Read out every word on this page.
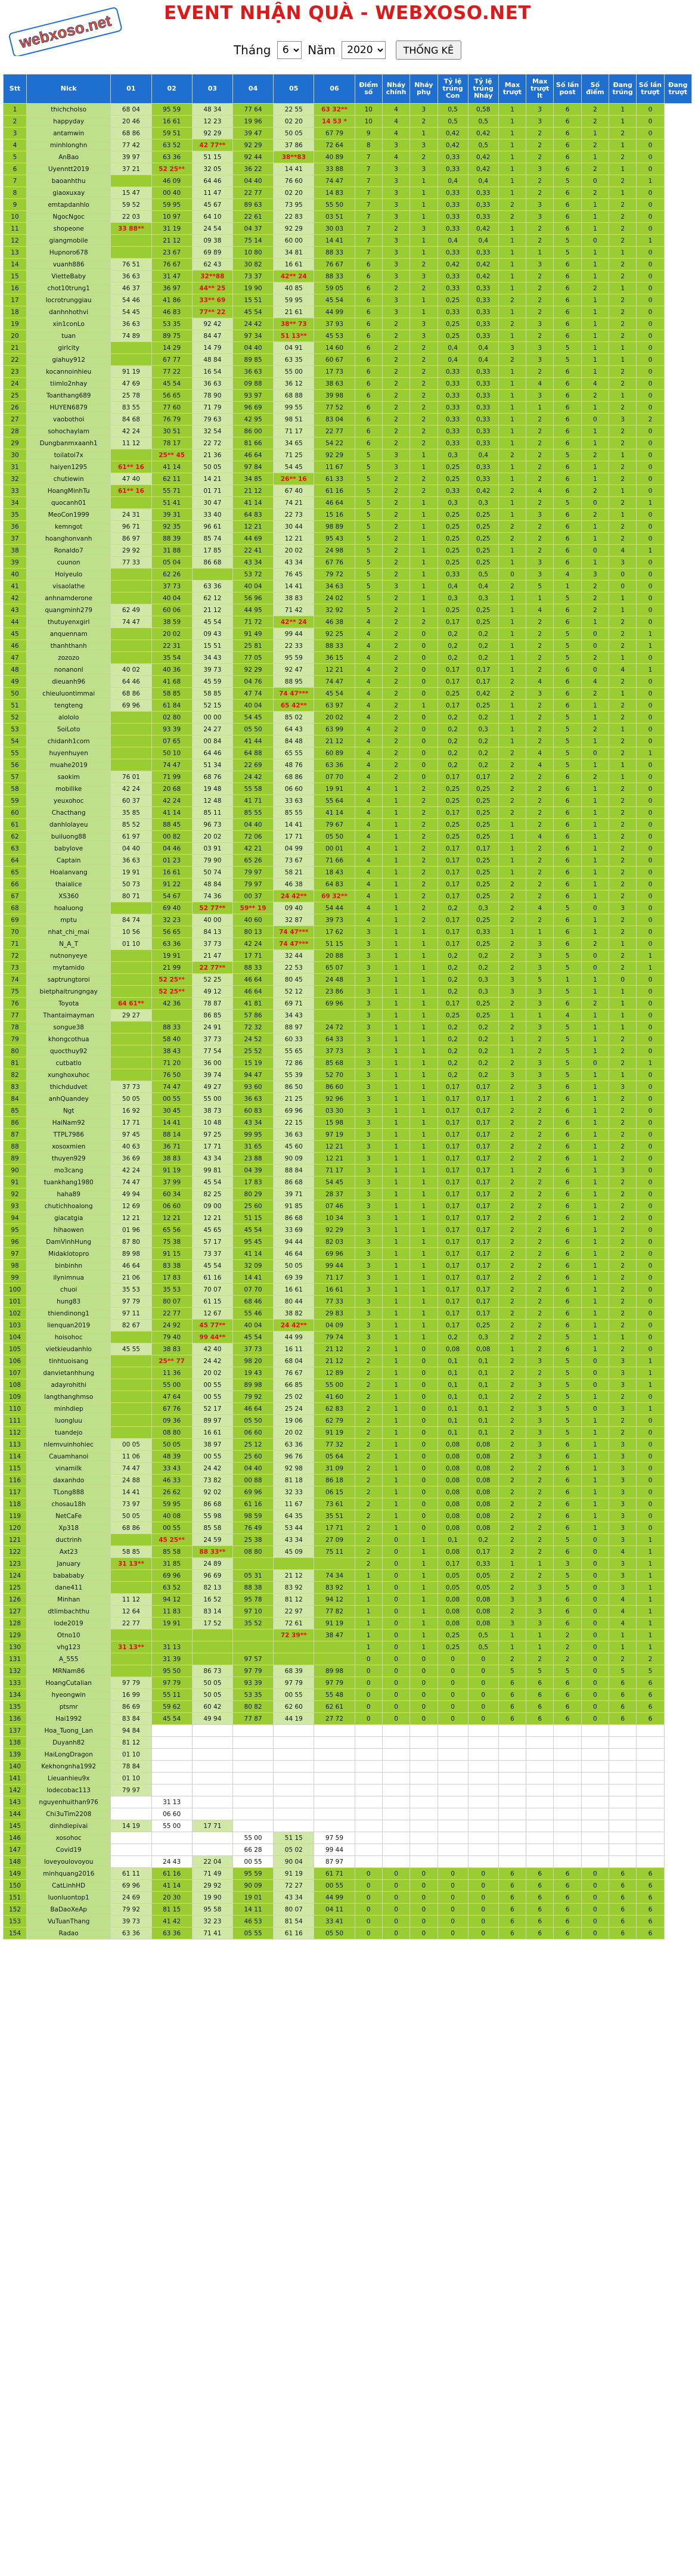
webxoso.net	EVENT NHẬN QUÀ - WEBXOSO.NET
Tháng
6	Năm
2020	THỐNG KÊ
Stt	Nick	01	02	03	04	05	06	Điểm số	Nháy chính	Nháy phụ	Tỷ lệ trúng Con	Tỷ lệ trúng Nháy	Max trượt	Max trượt lt	Số lần post	Số điểm	Đang trúng	Số lần trượt	Đang trượt
1	thichcholso	68 04	95 59	48 34	77 64	22 55	63 32**	10	4	3	0,5	0,58	1	3	6	2	1	0	
2	happyday	20 46	16 61	12 23	19 96	02 20	14 53 *	10	4	2	0,5	0,5	1	3	6	2	1	0	
3	antamwin	68 86	59 51	92 29	39 47	50 05	67 79	9	4	1	0,42	0,42	1	2	6	1	2	0	
4	minhlonghn	77 42	63 52	42 77**	92 29	37 86	72 64	8	3	3	0,42	0,5	1	2	6	2	1	0	
5	AnBao	39 97	63 36	51 15	92 44	38**83	40 89	7	4	2	0,33	0,42	1	2	6	1	2	0	
6	Uyenntt2019	37 21	52 25**	32 05	36 22	14 41	33 88	7	3	3	0,33	0,42	1	3	6	2	1	0	
7	baoanhthu		46 09	64 46	04 40	76 60	74 47	7	3	1	0,4	0,4	1	2	5	0	2	1	
8	giaoxuxay	15 47	00 40	11 47	22 77	02 20	14 83	7	3	1	0,33	0,33	1	2	6	2	1	0	
9	emtapdanhlo	59 52	59 95	45 67	89 63	73 95	55 50	7	3	1	0,33	0,33	2	3	6	1	2	0	
10	NgocNgoc	22 03	10 97	64 10	22 61	22 83	03 51	7	3	1	0,33	0,33	2	3	6	1	2	0	
11	shopeone	33 88**	31 19	24 54	04 37	92 29	30 03	7	2	3	0,33	0,42	1	2	6	1	2	0	
12	giangmobile		21 12	09 38	75 14	60 00	14 41	7	3	1	0,4	0,4	1	2	5	0	2	1	
13	Hupnoro678		23 67	69 89	10 80	34 81	88 33	7	3	1	0,33	0,33	1	1	5	1	1	0	
14	vuanh886	76 51	76 67	62 43	30 82	16 61	76 67	6	3	2	0,42	0,42	1	3	6	1	2	0	
15	VietteBaby	36 63	31 47	32**88	73 37	42** 24	88 33	6	3	3	0,33	0,42	1	2	6	1	2	0	
16	chot10trung1	46 37	36 97	44** 25	19 90	40 85	59 05	6	2	2	0,33	0,33	1	2	6	2	1	0	
17	locrotrunggiau	54 46	41 86	33** 69	15 51	59 95	45 54	6	3	1	0,25	0,33	2	2	6	1	2	0	
18	danhnhothvi	54 45	46 83	77** 22	45 54	21 61	44 99	6	3	1	0,33	0,33	1	2	6	1	2	0	
19	xin1conLo	36 63	53 35	92 42	24 42	38** 73	37 93	6	2	3	0,25	0,33	2	3	6	1	2	0	
20	tuan	74 89	89 75	84 47	97 34	51 13**	45 53	6	2	3	0,25	0,33	1	2	6	1	2	0	
21	girlcity		14 29	14 79	04 40	04 91	14 60	6	2	2	0,4	0,4	3	3	5	1	1	0	
22	giahuy912		67 77	48 84	89 85	63 35	60 67	6	2	2	0,4	0,4	2	3	5	1	1	0	
23	kocannoinhieu	91 19	77 22	16 54	36 63	55 00	17 73	6	2	2	0,33	0,33	1	2	6	1	2	0	
24	tiimlo2nhay	47 69	45 54	36 63	09 88	36 12	38 63	6	2	2	0,33	0,33	1	4	6	4	2	0	
25	Toanthang689	25 78	56 65	78 90	93 97	68 88	39 98	6	2	2	0,33	0,33	1	3	6	2	1	0	
26	HUYEN6879	83 55	77 60	71 79	96 69	99 55	77 52	6	2	2	0,33	0,33	1	1	6	1	2	0	
27	vaobothoi	84 68	76 79	79 63	42 95	98 51	83 04	6	2	2	0,33	0,33	1	2	6	0	3	2	
28	sohochaylam	42 24	30 51	32 54	86 00	71 17	22 77	6	2	2	0,33	0,33	1	2	6	1	2	0	
29	Dungbanmxaanh1	11 12	78 17	22 72	81 66	34 65	54 22	6	2	2	0,33	0,33	1	2	6	1	2	0	
30	toilatoi7x		25** 45	21 36	46 64	71 25	92 29	5	3	1	0,3	0,4	2	2	5	2	1	0	
31	haiyen1295	61** 16	41 14	50 05	97 84	54 45	11 67	5	3	1	0,25	0,33	1	2	6	1	2	0	
32	chutiewin	47 40	62 11	14 21	34 85	26** 16	61 33	5	2	2	0,25	0,33	1	2	6	1	2	0	
33	HoangMinhTu	61** 16	55 71	01 71	21 12	67 40	61 16	5	2	2	0,33	0,42	2	4	6	2	1	0	
34	quocanh01		51 41	30 47	41 14	74 21	46 64	5	2	1	0,3	0,3	1	2	5	0	2	1	
35	MeoCon1999	24 31	39 31	33 40	64 83	22 73	15 16	5	2	1	0,25	0,25	1	3	6	2	1	0	
36	kemngot	96 71	92 35	96 61	12 21	30 44	98 89	5	2	1	0,25	0,25	2	2	6	1	2	0	
37	hoanghonvanh	86 97	88 39	85 74	44 69	12 21	95 43	5	2	1	0,25	0,25	2	2	6	1	2	0	
38	Ronaldo7	29 92	31 88	17 85	22 41	20 02	24 98	5	2	1	0,25	0,25	1	2	6	0	4	1	
39	cuunon	77 33	05 04	86 68	43 34	43 34	67 76	5	2	1	0,25	0,25	1	3	6	1	3	0	
40	Hoiyeulo		62 26		53 72	76 45	79 72	5	2	1	0,33	0,5	0	3	4	3	0	0	
41	visaolathe		37 73	63 36	40 04	14 41	34 63	5	3	1	0,4	0,4	2	5	1	2	0	0	
42	anhnamderone		40 04	62 12	56 96	38 83	24 02	5	2	1	0,3	0,3	1	1	5	2	1	0	
43	quangminh279	62 49	60 06	21 12	44 95	71 42	32 92	5	2	1	0,25	0,25	1	4	6	2	1	0	
44	thutuyenxgirl	74 47	38 59	45 54	71 72	42** 24	46 38	4	2	2	0,17	0,25	1	2	6	1	2	0	
45	anquennam		20 02	09 43	91 49	99 44	92 25	4	2	0	0,2	0,2	1	2	5	0	2	1	
46	thanhthanh		22 31	15 51	25 81	22 33	88 33	4	2	0	0,2	0,2	1	2	5	0	2	1	
47	zozozo		35 54	34 43	77 05	95 59	36 15	4	2	0	0,2	0,2	1	2	5	2	1	0	
48	nonanonl	40 02	40 36	39 73	92 29	92 47	12 21	4	2	0	0,17	0,17	1	2	6	0	4	1	
49	dieuanh96	64 46	41 68	45 59	04 76	88 95	74 47	4	2	0	0,17	0,17	2	4	6	4	2	0	
50	chieuluontimmai	68 86	58 85	58 85	47 74	74 47***	45 54	4	2	0	0,25	0,42	2	3	6	2	1	0	
51	tengteng	69 96	61 84	52 15	40 04	65 42**	63 97	4	2	1	0,17	0,25	1	2	6	1	2	0	
52	alololo		02 80	00 00	54 45	85 02	20 02	4	2	0	0,2	0,2	1	2	5	1	2	0	
53	SoiLoto		93 39	24 27	05 50	64 43	63 99	4	2	0	0,2	0,3	1	2	5	2	1	0	
54	chidanh1com		07 65	00 84	41 44	84 48	21 12	4	2	0	0,2	0,2	1	2	5	1	2	0	
55	huyenhuyen		50 10	64 46	64 88	65 55	60 89	4	2	0	0,2	0,2	2	4	5	0	2	1	
56	muahe2019		74 47	51 34	22 69	48 76	63 36	4	2	0	0,2	0,2	2	4	5	1	1	0	
57	saokim	76 01	71 99	68 76	24 42	68 86	07 70	4	2	0	0,17	0,17	2	2	6	2	1	0	
58	mobilike	42 24	20 68	19 48	55 58	06 60	19 91	4	1	2	0,25	0,25	2	2	6	1	2	0	
59	yeuxohoc	60 37	42 24	12 48	41 71	33 63	55 64	4	1	2	0,25	0,25	2	2	6	1	2	0	
60	Chacthang	35 85	41 14	85 11	85 55	85 55	41 14	4	1	2	0,17	0,25	2	2	6	1	2	0	
61	danhlolayeu	85 52	88 45	96 73	04 40	14 41	79 67	4	1	2	0,25	0,25	1	2	6	1	2	0	
62	builuong88	61 97	00 82	20 02	72 06	17 71	05 50	4	1	2	0,25	0,25	1	4	6	1	2	0	
63	babylove	04 40	04 46	03 91	42 21	04 99	00 01	4	1	2	0,17	0,17	1	2	6	1	2	0	
64	Captain	36 63	01 23	79 90	65 26	73 67	71 66	4	1	2	0,17	0,25	1	2	6	1	2	0	
65	Hoalanvang	19 91	16 61	50 74	79 97	58 21	18 43	4	1	2	0,17	0,25	1	2	6	1	2	0	
66	thaialice	50 73	91 22	48 84	79 97	46 38	64 83	4	1	2	0,17	0,25	2	2	6	1	2	0	
67	XS360	80 71	54 67	74 36	00 37	24 42**	69 32**	4	1	2	0,17	0,25	2	2	6	1	2	0	
68	hoaluong		69 40	52 77**	59** 19	09 40	54 44	4	1	2	0,2	0,3	2	4	5	0	3	0	
69	mptu	84 74	32 23	40 00	40 60	32 87	39 73	4	1	2	0,17	0,25	2	2	6	1	2	0	
70	nhat_chi_mai	10 56	56 65	84 13	80 13	74 47***	17 62	3	1	1	0,17	0,33	1	1	6	1	2	0	
71	N_A_T	01 10	63 36	37 73	42 24	74 47***	51 15	3	1	1	0,17	0,25	2	3	6	2	1	0	
72	nutnonyeye		19 91	21 47	17 71	32 44	20 88	3	1	1	0,2	0,2	2	3	5	0	2	1	
73	mytamido		21 99	22 77**	88 33	22 53	65 07	3	1	1	0,2	0,2	2	3	5	0	2	1	
74	saptrungtoroi		52 25**	52 25	46 64	80 45	24 48	3	1	1	0,2	0,3	3	5	1	1	0	0	
75	bietphaitrungngay		52 25**	49 12	46 64	52 12	23 86	3	1	1	0,2	0,3	3	3	5	1	1	0	
76	Toyota	64 61**	42 36	78 87	41 81	69 71	69 96	3	1	1	0,17	0,25	2	3	6	2	1	0	
77	Thantaimayman	29 27		86 85	57 86	34 43		3	1	1	0,25	0,25	1	1	4	1	1	0	
78	songue38		88 33	24 91	72 32	88 97	24 72	3	1	1	0,2	0,2	2	3	5	1	1	0	
79	khongcothua		58 40	37 73	24 52	60 33	64 33	3	1	1	0,2	0,2	1	2	5	1	2	0	
80	quocthuy92		38 43	77 54	25 52	55 65	37 73	3	1	1	0,2	0,2	1	2	5	1	2	0	
81	cutbatlo		71 20	36 00	15 19	72 86	85 68	3	1	1	0,2	0,2	2	3	5	0	2	1	
82	xunghoxuhoc		76 50	39 74	94 47	55 39	52 70	3	1	1	0,2	0,2	3	3	5	1	1	0	
83	thichdudvet	37 73	74 47	49 27	93 60	86 50	86 60	3	1	1	0,17	0,17	2	3	6	1	3	0	
84	anhQuandey	50 05	00 55	55 00	36 63	21 25	92 96	3	1	1	0,17	0,17	1	2	6	1	2	0	
85	Ngt	16 92	30 45	38 73	60 83	69 96	03 30	3	1	1	0,17	0,17	2	2	6	1	2	0	
86	HaiNam92	17 71	14 41	10 48	43 34	22 15	15 98	3	1	1	0,17	0,17	2	2	6	1	2	0	
87	TTPL7986	97 45	88 14	97 25	99 95	36 63	97 19	3	1	1	0,17	0,17	2	2	6	1	2	0	
88	xosoxmien	40 63	36 71	17 71	31 65	45 60	12 21	3	1	1	0,17	0,17	2	2	6	1	2	0	
89	thuyen929	36 69	38 83	43 34	23 88	90 09	12 21	3	1	1	0,17	0,17	2	2	6	1	2	0	
90	mo3cang	42 24	91 19	99 81	04 39	88 84	71 17	3	1	1	0,17	0,17	1	2	6	1	3	0	
91	tuankhang1980	74 47	37 99	45 54	17 83	86 68	54 45	3	1	1	0,17	0,17	2	2	6	1	2	0	
92	haha89	49 94	60 34	82 25	80 29	39 71	28 37	3	1	1	0,17	0,17	2	2	6	1	2	0	
93	chutichhoalong	12 69	06 60	09 00	25 60	91 85	07 46	3	1	1	0,17	0,17	2	2	6	1	2	0	
94	giacatgia	12 21	12 21	12 21	51 15	86 68	10 34	3	1	1	0,17	0,17	2	2	6	1	2	0	
95	hihaowen	01 96	65 56	45 65	45 54	33 69	92 29	3	1	1	0,17	0,17	2	2	6	1	2	0	
96	DamVinhHung	87 80	75 38	57 17	95 45	94 44	82 03	3	1	1	0,17	0,17	2	2	6	1	2	0	
97	Midaklotopro	89 98	91 15	73 37	41 14	46 64	69 96	3	1	1	0,17	0,17	2	2	6	1	2	0	
98	binbinhn	46 64	83 38	45 54	32 09	50 05	99 44	3	1	1	0,17	0,17	2	2	6	1	2	0	
99	ilynimnua	21 06	17 83	61 16	14 41	69 39	71 17	3	1	1	0,17	0,17	2	2	6	1	2	0	
100	chuoi	35 53	35 53	70 07	07 70	16 61	16 61	3	1	1	0,17	0,17	2	2	6	1	2	0	
101	hung83	97 79	80 07	61 15	68 46	80 44	77 33	3	1	1	0,17	0,17	2	2	6	1	2	0	
102	thiendinong1	97 11	22 77	12 67	55 46	38 82	29 83	3	1	1	0,17	0,17	2	2	6	1	2	0	
103	lienquan2019	82 67	24 92	45 77**	40 04	24 42**	04 09	3	1	1	0,17	0,25	2	2	6	1	2	0	
104	hoisohoc		79 40	99 44**	45 54	44 99	79 74	3	1	1	0,2	0,3	2	2	5	1	1	0	
105	vietkieudanhlo	45 55	38 83	42 40	37 73	16 11	21 12	2	1	0	0,08	0,08	1	2	6	1	2	0	
106	tinhtuoisang		25** 77	24 42	98 20	68 04	21 12	2	1	0	0,1	0,1	2	3	5	0	3	1	
107	danvietanhhung		11 36	20 02	19 43	76 67	12 89	2	1	0	0,1	0,1	2	2	5	0	3	1	
108	adayrohithi		55 00	00 55	89 98	66 85	55 00	2	1	0	0,1	0,1	2	3	5	0	3	1	
109	langthanghmso		47 64	00 55	79 92	25 02	41 60	2	1	0	0,1	0,1	2	2	5	1	2	0	
110	minhdiep		67 76	52 17	46 64	25 24	62 83	2	1	0	0,1	0,1	2	3	5	0	3	1	
111	luongluu		09 36	89 97	05 50	19 06	62 79	2	1	0	0,1	0,1	2	3	5	1	2	0	
112	tuandejo		08 80	16 61	06 60	20 02	91 19	2	1	0	0,1	0,1	2	3	5	1	2	0	
113	nlemvuinhohiec	00 05	50 05	38 97	25 12	63 36	77 32	2	1	0	0,08	0,08	2	3	6	1	3	0	
114	Cauamhanoi	11 06	48 39	00 55	25 60	96 76	05 64	2	1	0	0,08	0,08	2	3	6	1	3	0	
115	vinamilk	74 47	33 43	24 42	04 40	92 98	31 09	2	1	0	0,08	0,08	2	2	6	1	3	0	
116	daxanhdo	24 88	46 33	73 82	00 88	81 18	86 18	2	1	0	0,08	0,08	2	2	6	1	3	0	
117	TLong888	14 41	26 62	92 02	69 96	32 33	06 15	2	1	0	0,08	0,08	2	2	6	1	3	0	
118	chosau18h	73 97	59 95	86 68	61 16	11 67	73 61	2	1	0	0,08	0,08	2	2	6	1	3	0	
119	NetCaFe	50 05	40 08	55 98	98 59	64 35	35 51	2	1	0	0,08	0,08	2	2	6	1	3	0	
120	Xp318	68 86	00 55	85 58	76 49	53 44	17 71	2	1	0	0,08	0,08	2	2	6	1	3	0	
121	ductrinh		45 25**	24 59	25 38	43 34	27 09	2	0	1	0,1	0,2	2	2	5	0	3	1	
122	Axt23	58 85	85 58	88 33**	08 80	45 09	75 11	2	0	1	0,08	0,17	2	2	6	0	4	1	
123	January	31 13**	31 85	24 89				2	0	1	0,17	0,33	1	1	3	0	3	1	
124	babababy		69 96	96 69	05 31	21 12	74 34	1	0	1	0,05	0,05	2	2	5	0	3	1	
125	dane411		63 52	82 13	88 38	83 92	83 92	1	0	1	0,05	0,05	2	3	5	0	3	1	
126	Minhan	11 12	94 12	16 52	95 78	81 12	94 12	1	0	1	0,08	0,08	3	3	6	0	4	1	
127	dtlimbachthu	12 64	11 83	83 14	97 10	22 97	77 82	1	0	1	0,08	0,08	2	3	6	0	4	1	
128	lode2019	22 77	19 91	17 52	35 52	72 61	91 19	1	0	1	0,08	0,08	3	3	6	0	4	1	
129	Otno10					72 39**	38 47	1	0	1	0,25	0,5	1	1	2	0	1	1	
130	vhg123	31 13**	31 13					1	0	1	0,25	0,5	1	1	2	0	1	1	
131	A_555		31 39		97 57			0	0	0	0	0	2	2	2	0	2	2	
132	MRNam86		95 50	86 73	97 79	68 39	89 98	0	0	0	0	0	5	5	5	0	5	5	
133	HoangCutalian	97 79	97 79	50 05	93 39	97 79	97 79	0	0	0	0	0	6	6	6	0	6	6	
134	hyeongwin	16 99	55 11	50 05	53 35	00 55	55 48	0	0	0	0	0	6	6	6	0	6	6	
135	ptsmr	86 69	59 62	60 42	80 82	62 60	62 61	0	0	0	0	0	6	6	6	0	6	6	
136	Hai1992	83 84	45 54	49 94	77 87	44 19	27 72	0	0	0	0	0	6	6	6	0	6	6	
137	Hoa_Tuong_Lan	94 84																	
138	Duyanh82	81 12																	
139	HaiLongDragon	01 10																	
140	Kekhongnha1992	78 84																	
141	Lieuanhieu9x	01 10																	
142	lodecobac113	79 97																	
143	nguyenhuithan976		31 13																
144	Chi3uTim2208		06 60																
145	dinhdiepivai	14 19	55 00	17 71															
146	xosohoc				55 00	51 15	97 59												
147	Covid19				66 28	05 02	99 44												
148	loveyoulovoyou		24 43	22 04	00 55	90 04	87 97												
149	minhquang2016	61 11	61 16	71 49	95 59	91 19	61 71	0	0	0	0	0	6	6	6	0	6	6	
150	CatLinhHD	69 96	41 14	29 92	90 09	72 27	00 55	0	0	0	0	0	6	6	6	0	6	6	
151	luonluontop1	24 69	20 30	19 90	19 01	43 34	44 99	0	0	0	0	0	6	6	6	0	6	6	
152	BaDaoXeAp	79 92	81 15	95 58	14 11	80 07	04 11	0	0	0	0	0	6	6	6	0	6	6	
153	VuTuanThang	39 73	41 42	32 23	46 53	81 54	33 41	0	0	0	0	0	6	6	6	0	6	6	
154	Radao	63 36	63 36	71 41	05 55	61 16	05 50	0	0	0	0	0	6	6	6	0	6	6	
